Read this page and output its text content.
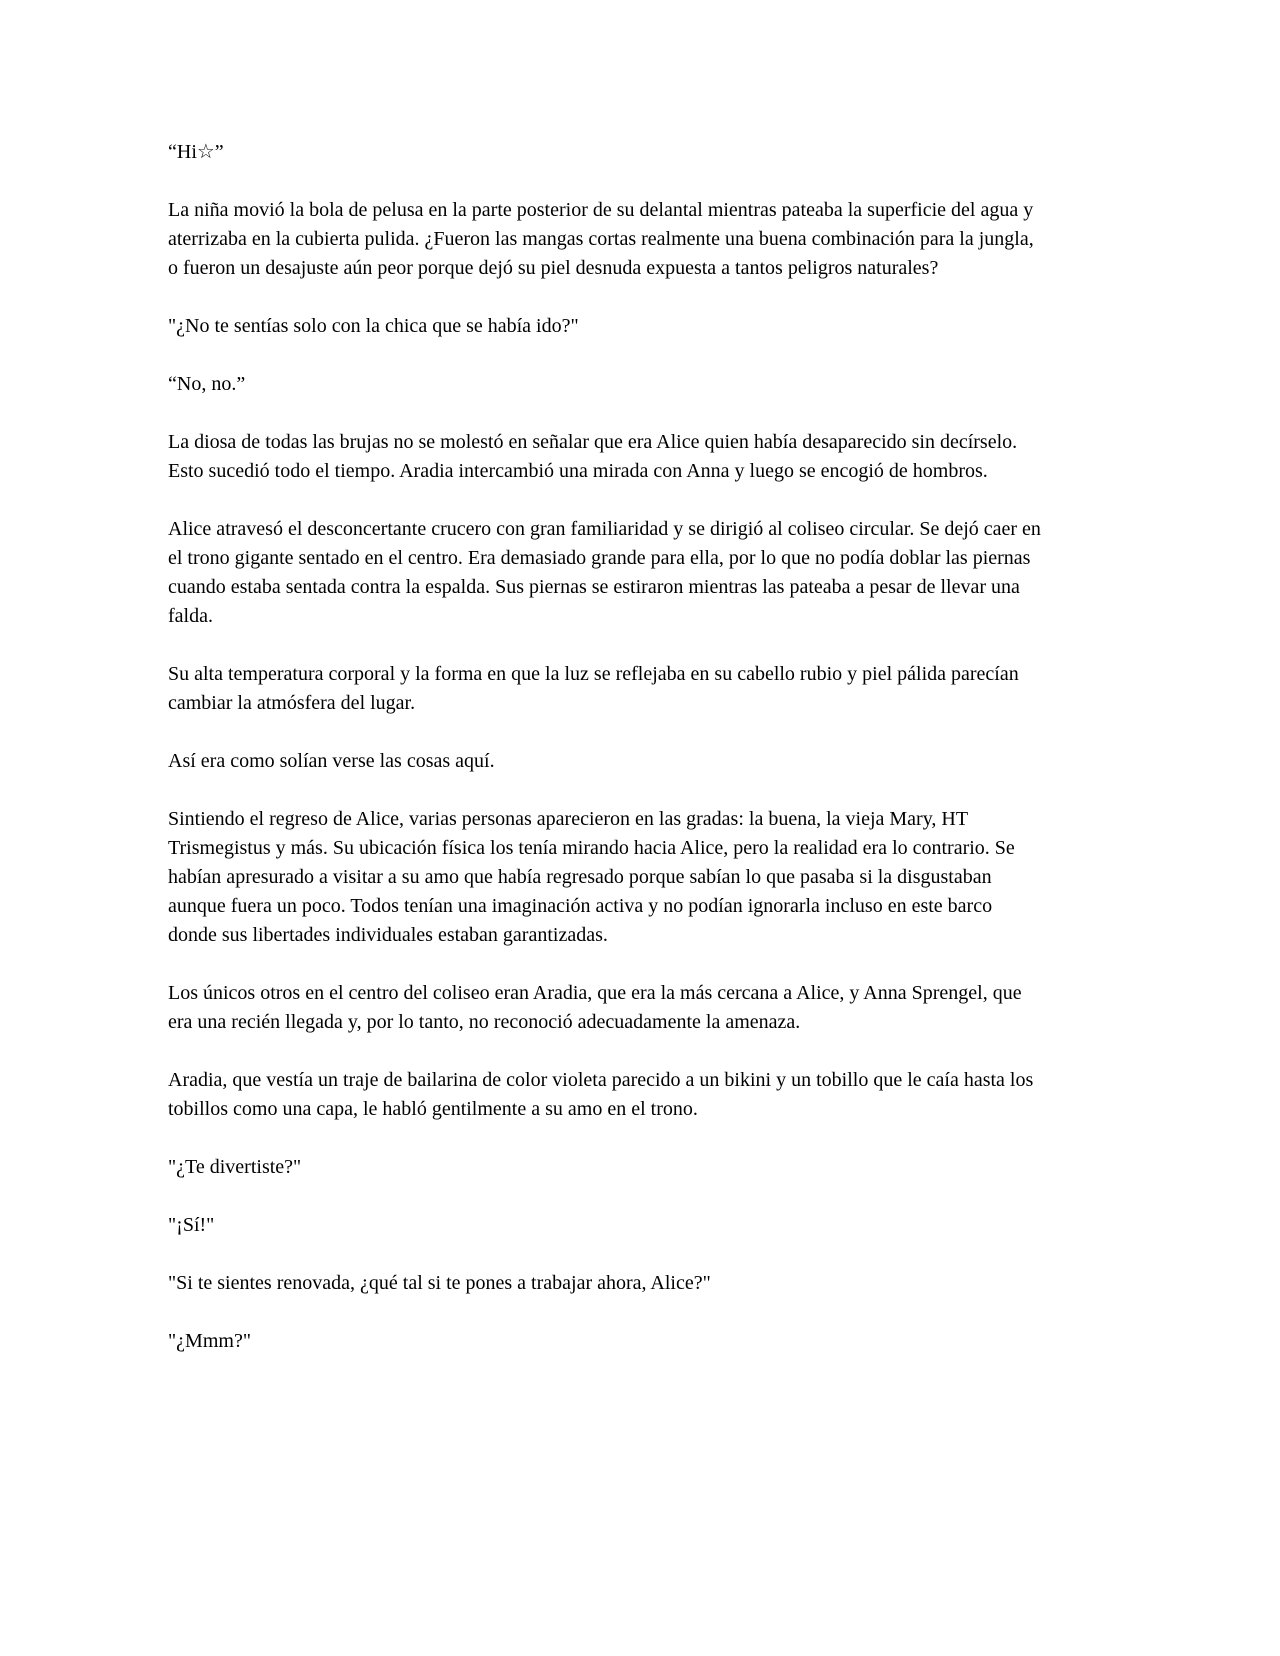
“Hi☆”

La niña movió la bola de pelusa en la parte posterior de su delantal mientras pateaba la superficie del agua y aterrizaba en la cubierta pulida. ¿Fueron las mangas cortas realmente una buena combinación para la jungla, o fueron un desajuste aún peor porque dejó su piel desnuda expuesta a tantos peligros naturales?

"¿No te sentías solo con la chica que se había ido?"

“No, no.”

La diosa de todas las brujas no se molestó en señalar que era Alice quien había desaparecido sin decírselo. Esto sucedió todo el tiempo. Aradia intercambió una mirada con Anna y luego se encogió de hombros.

Alice atravesó el desconcertante crucero con gran familiaridad y se dirigió al coliseo circular. Se dejó caer en el trono gigante sentado en el centro. Era demasiado grande para ella, por lo que no podía doblar las piernas cuando estaba sentada contra la espalda. Sus piernas se estiraron mientras las pateaba a pesar de llevar una falda.

Su alta temperatura corporal y la forma en que la luz se reflejaba en su cabello rubio y piel pálida parecían cambiar la atmósfera del lugar.

Así era como solían verse las cosas aquí.

Sintiendo el regreso de Alice, varias personas aparecieron en las gradas: la buena, la vieja Mary, HT Trismegistus y más. Su ubicación física los tenía mirando hacia Alice, pero la realidad era lo contrario. Se habían apresurado a visitar a su amo que había regresado porque sabían lo que pasaba si la disgustaban aunque fuera un poco. Todos tenían una imaginación activa y no podían ignorarla incluso en este barco donde sus libertades individuales estaban garantizadas.

Los únicos otros en el centro del coliseo eran Aradia, que era la más cercana a Alice, y Anna Sprengel, que era una recién llegada y, por lo tanto, no reconoció adecuadamente la amenaza.

Aradia, que vestía un traje de bailarina de color violeta parecido a un bikini y un tobillo que le caía hasta los tobillos como una capa, le habló gentilmente a su amo en el trono.

"¿Te divertiste?"

"¡Sí!"

"Si te sientes renovada, ¿qué tal si te pones a trabajar ahora, Alice?"

"¿Mmm?"
